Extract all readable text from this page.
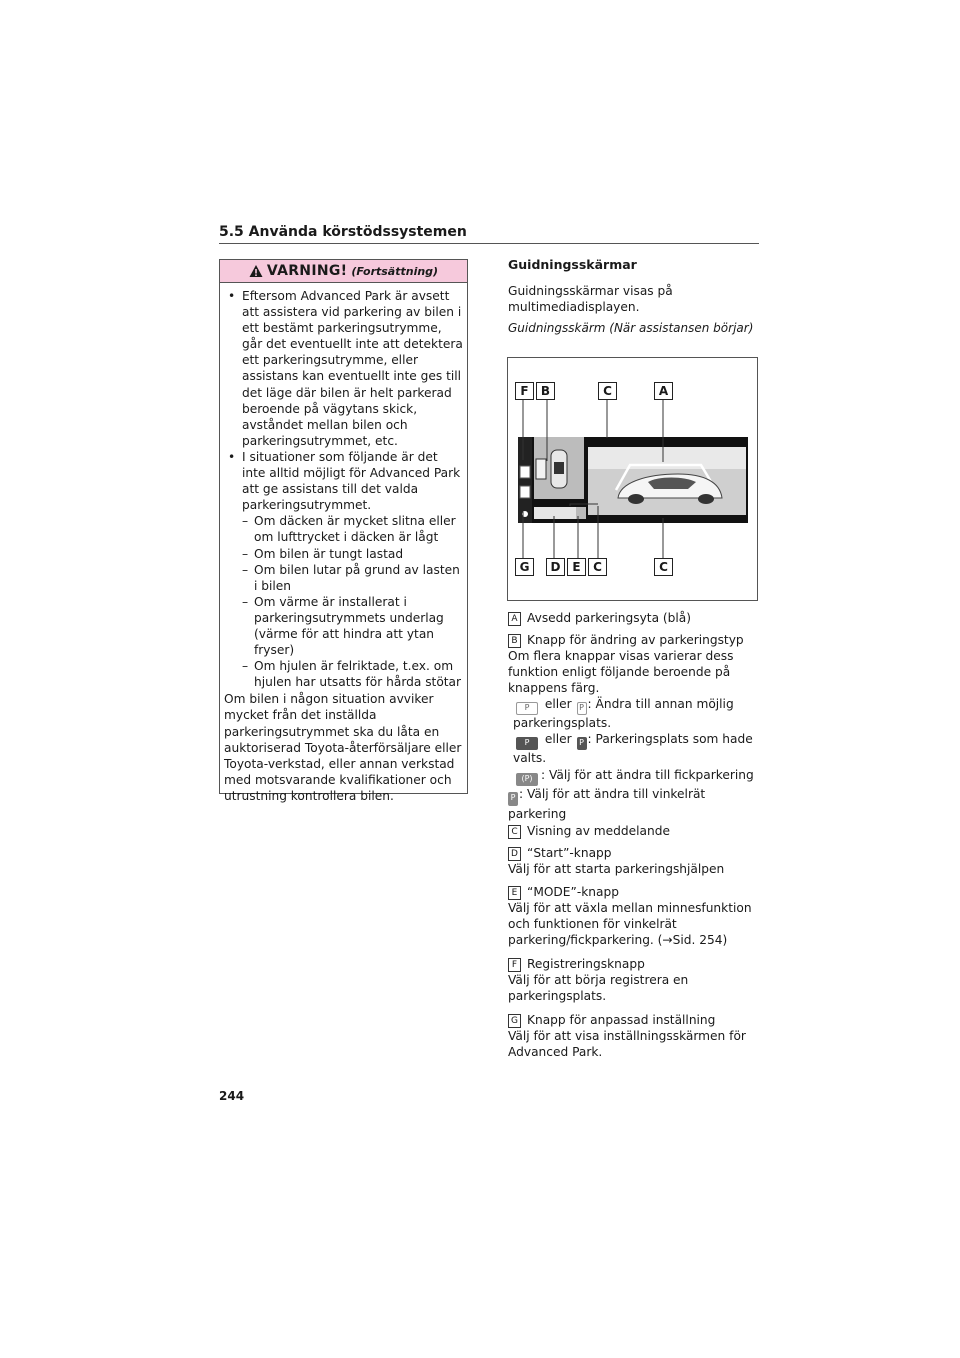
5.5 Använda körstödssystemen
VARNING! (Fortsättning)
• Eftersom Advanced Park är avsett att assistera vid parkering av bilen i ett bestämt parkeringsutrymme, går det eventuellt inte att detektera ett parkeringsutrymme, eller assistans kan eventuellt inte ges till det läge där bilen är helt parkerad beroende på vägytans skick, avståndet mellan bilen och parkeringsutrymmet, etc.
• I situationer som följande är det inte alltid möjligt för Advanced Park att ge assistans till det valda parkeringsutrymmet.
– Om däcken är mycket slitna eller om lufttrycket i däcken är lågt
– Om bilen är tungt lastad
– Om bilen lutar på grund av lasten i bilen
– Om värme är installerat i parkeringsutrymmets underlag (värme för att hindra att ytan fryser)
– Om hjulen är felriktade, t.ex. om hjulen har utsatts för hårda stötar
Om bilen i någon situation avviker mycket från det inställda parkeringsutrymmet ska du låta en auktoriserad Toyota-återförsäljare eller Toyota-verkstad, eller annan verkstad med motsvarande kvalifikationer och utrustning kontrollera bilen.
Guidningsskärmar
Guidningsskärmar visas på multimediadisplayen.
Guidningsskärm (När assistansen börjar)
F	B	C	A
G	D E	C	C
A Avsedd parkeringsyta (blå)
B Knapp för ändring av parkeringstyp
Om flera knappar visas varierar dess funktion enligt följande beroende på knappens färg.
P eller P : Ändra till annan möjlig parkeringsplats.
P eller P : Parkeringsplats som hade valts.
(P) : Välj för att ändra till fickparkering
P : Välj för att ändra till vinkelrät parkering
C Visning av meddelande
D “Start”-knapp
Välj för att starta parkeringshjälpen
E “MODE”-knapp
Välj för att växla mellan minnesfunktion och funktionen för vinkelrät parkering/fickparkering. (→Sid. 254)
F Registreringsknapp
Välj för att börja registrera en parkeringsplats.
G Knapp för anpassad inställning
Välj för att visa inställningsskärmen för Advanced Park.
244
